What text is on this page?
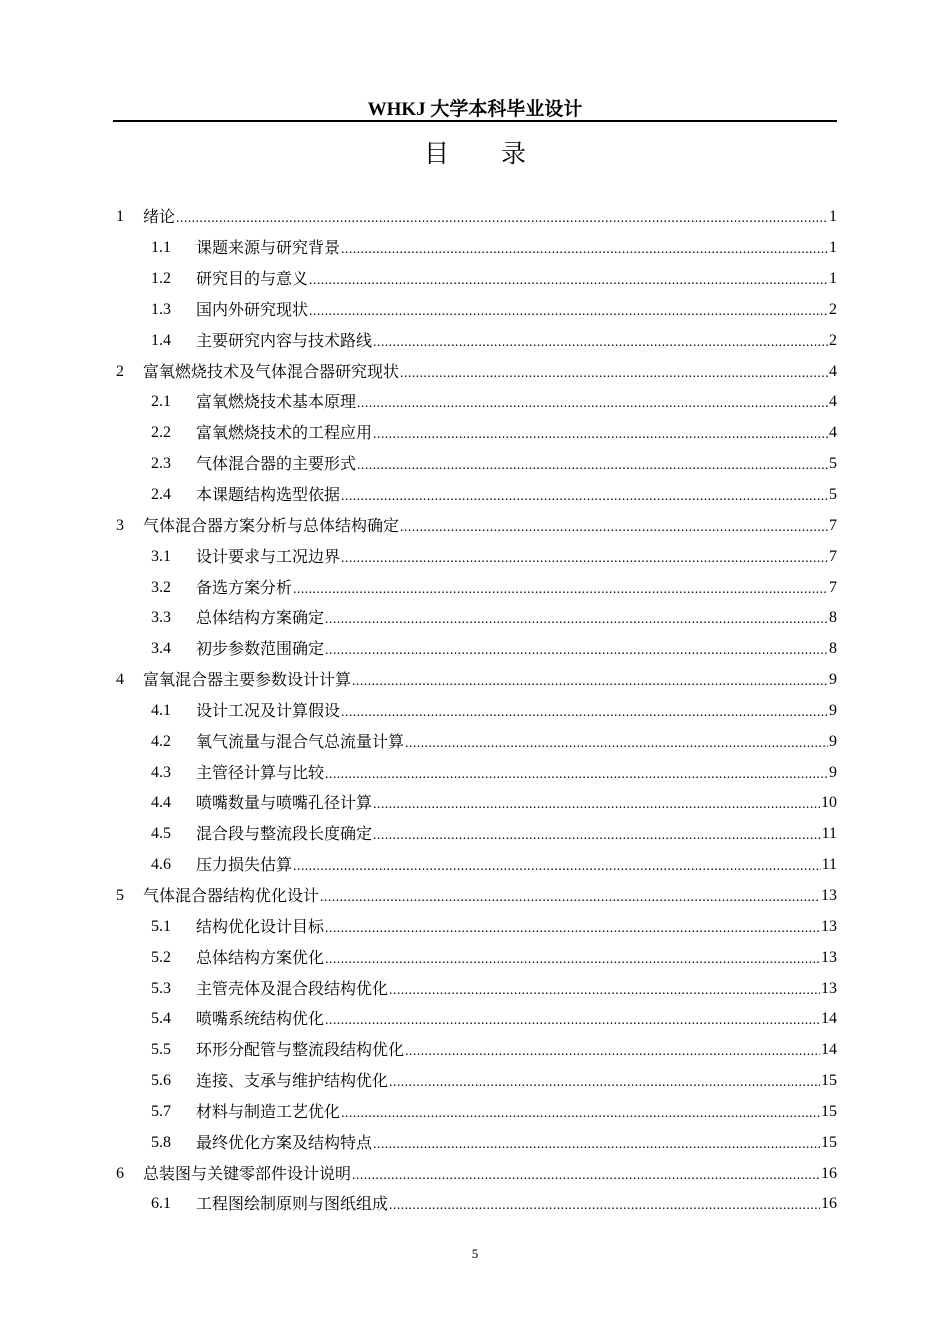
WHKJ 大学本科毕业设计
目 录
1	绪论 .....	1
1.1	课题来源与研究背景 .....	1
1.2	研究目的与意义 .....	1
1.3	国内外研究现状 .....	2
1.4	主要研究内容与技术路线 .....	2
2	富氧燃烧技术及气体混合器研究现状 .....	4
2.1	富氧燃烧技术基本原理 .....	4
2.2	富氧燃烧技术的工程应用 .....	4
2.3	气体混合器的主要形式 .....	5
2.4	本课题结构选型依据 .....	5
3	气体混合器方案分析与总体结构确定 .....	7
3.1	设计要求与工况边界 .....	7
3.2	备选方案分析 .....	7
3.3	总体结构方案确定 .....	8
3.4	初步参数范围确定 .....	8
4	富氧混合器主要参数设计计算 .....	9
4.1	设计工况及计算假设 .....	9
4.2	氧气流量与混合气总流量计算 .....	9
4.3	主管径计算与比较 .....	9
4.4	喷嘴数量与喷嘴孔径计算 .....	10
4.5	混合段与整流段长度确定 .....	11
4.6	压力损失估算 .....	11
5	气体混合器结构优化设计 .....	13
5.1	结构优化设计目标 .....	13
5.2	总体结构方案优化 .....	13
5.3	主管壳体及混合段结构优化 .....	13
5.4	喷嘴系统结构优化 .....	14
5.5	环形分配管与整流段结构优化 .....	14
5.6	连接、支承与维护结构优化 .....	15
5.7	材料与制造工艺优化 .....	15
5.8	最终优化方案及结构特点 .....	15
6	总装图与关键零部件设计说明 .....	16
6.1	工程图绘制原则与图纸组成 .....	16
5
